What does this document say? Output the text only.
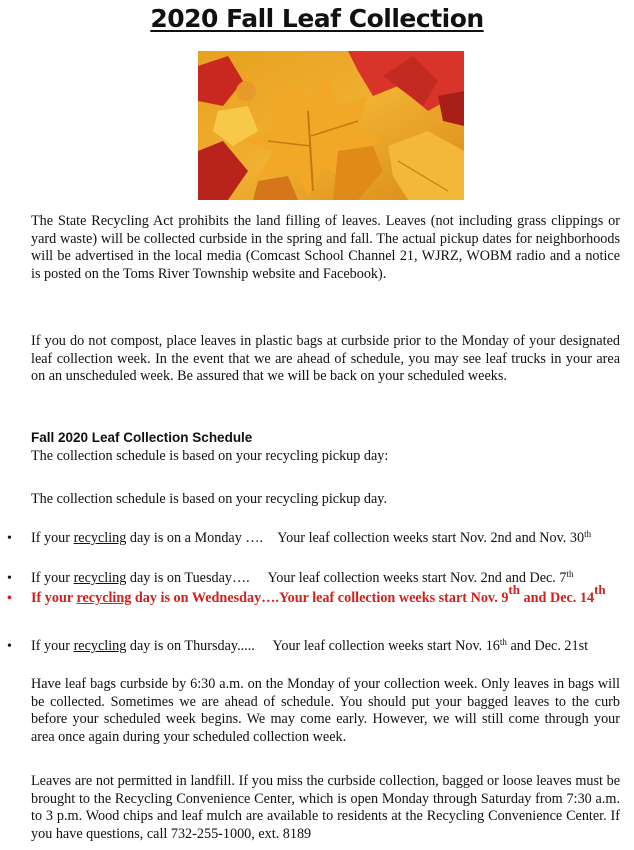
2020 Fall Leaf Collection
The State Recycling Act prohibits the land filling of leaves. Leaves (not including grass clippings or yard waste) will be collected curbside in the spring and fall. The actual pickup dates for neighborhoods will be advertised in the local media (Comcast School Channel 21, WJRZ, WOBM radio and a notice is posted on the Toms River Township website and Facebook).
If you do not compost, place leaves in plastic bags at curbside prior to the Monday of your designated leaf collection week. In the event that we are ahead of schedule, you may see leaf trucks in your area on an unscheduled week. Be assured that we will be back on your scheduled weeks.
Fall 2020 Leaf Collection Schedule
The collection schedule is based on your recycling pickup day:
The collection schedule is based on your recycling pickup day.
• If your recycling day is on a Monday …. Your leaf collection weeks start Nov. 2nd and Nov. 30th
• If your recycling day is on Tuesday…. Your leaf collection weeks start Nov. 2nd and Dec. 7th
• If your recycling day is on Wednesday….Your leaf collection weeks start Nov. 9th and Dec. 14th
• If your recycling day is on Thursday..... Your leaf collection weeks start Nov. 16th and Dec. 21st
Have leaf bags curbside by 6:30 a.m. on the Monday of your collection week. Only leaves in bags will be collected. Sometimes we are ahead of schedule. You should put your bagged leaves to the curb before your scheduled week begins. We may come early. However, we will still come through your area once again during your scheduled collection week.
Leaves are not permitted in landfill. If you miss the curbside collection, bagged or loose leaves must be brought to the Recycling Convenience Center, which is open Monday through Saturday from 7:30 a.m. to 3 p.m. Wood chips and leaf mulch are available to residents at the Recycling Convenience Center. If you have questions, call 732-255-1000, ext. 8189
